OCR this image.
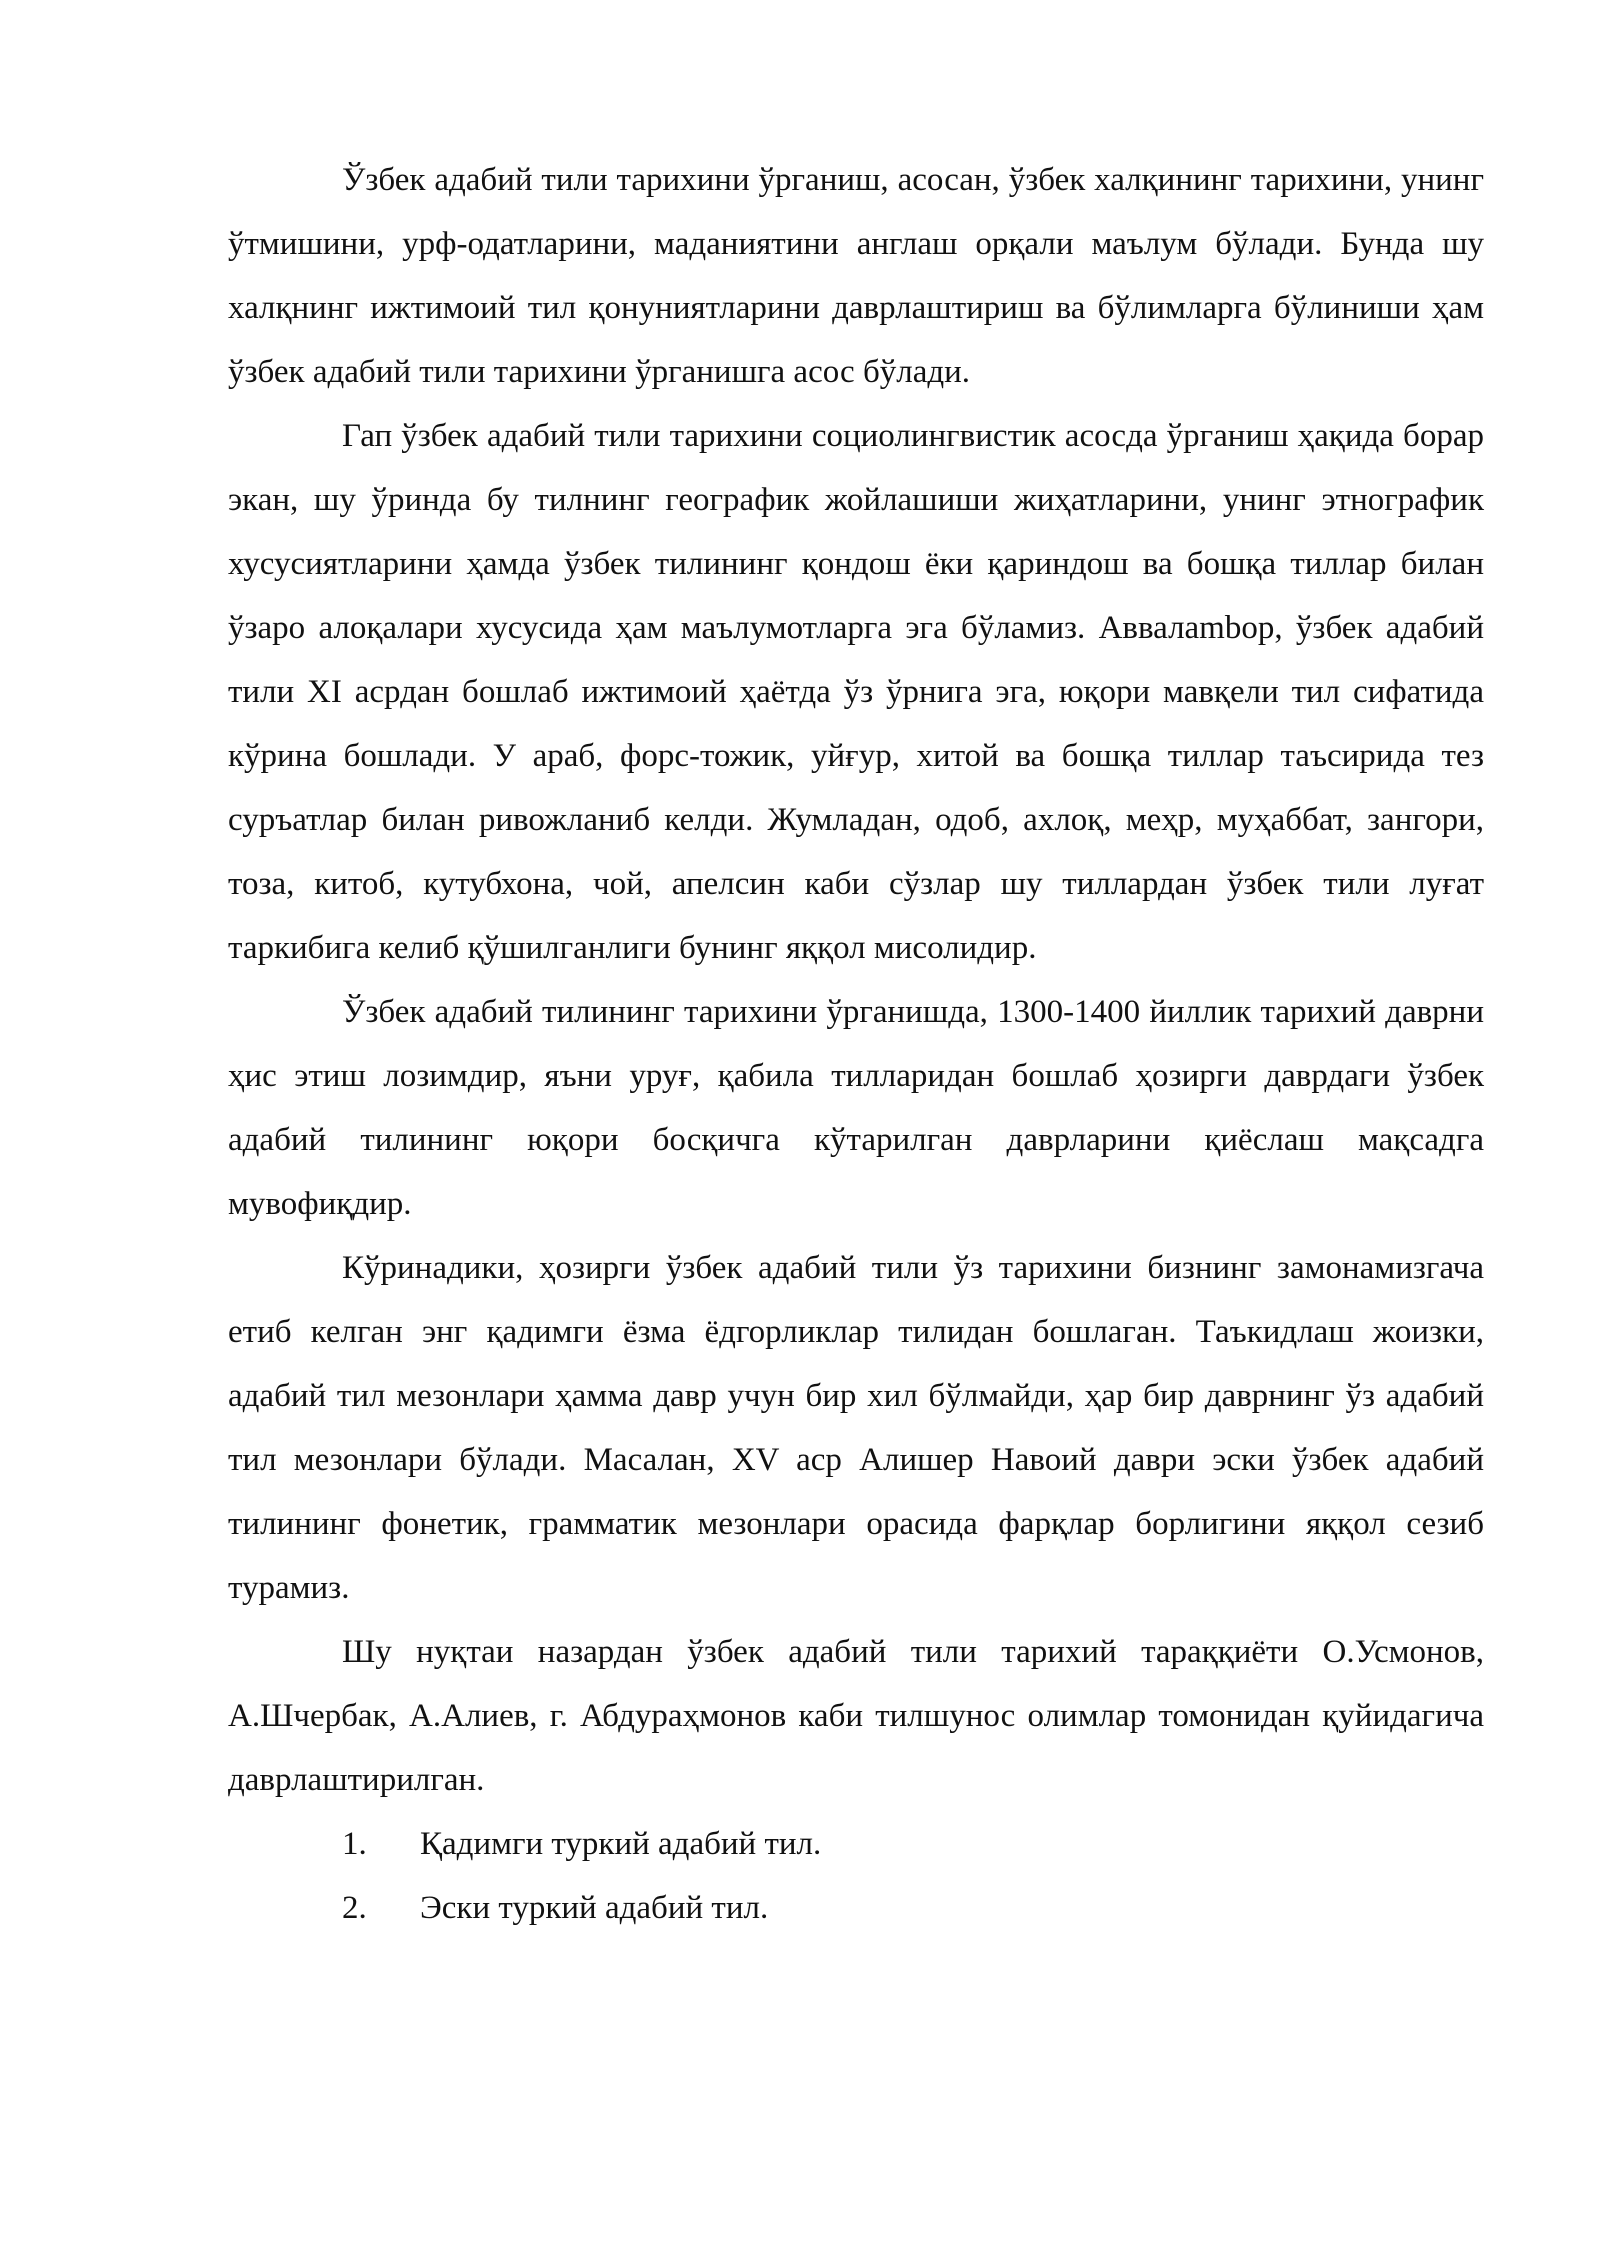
Ўзбек адабий тили тарихини ўрганиш, асосан, ўзбек халқининг тарихини, унинг ўтмишини, урф-одатларини, маданиятини англаш орқали маълум бўлади. Бунда шу халқнинг ижтимоий тил қонуниятларини даврлаштириш ва бўлимларга бўлиниши ҳам ўзбек адабий тили тарихини ўрганишга асос бўлади.

Гап ўзбек адабий тили тарихини социолингвистик асосда ўрганиш ҳақида борар экан, шу ўринда бу тилнинг географик жойлашиши жиҳатларини, унинг этнографик хусусиятларини ҳамда ўзбек тилининг қондош ёки қариндош ва бошқа тиллар билан ўзаро алоқалари хусусида ҳам маълумотларга эга бўламиз. Аввалambор, ўзбек адабий тили XI асрдан бошлаб ижтимоий ҳаётда ўз ўрнига эга, юқори мавқели тил сифатида кўрина бошлади. У араб, форс-тожик, уйғур, хитой ва бошқа тиллар таъсирида тез суръатлар билан ривожланиб келди. Жумладан, одоб, ахлоқ, меҳр, муҳаббат, зангори, тоза, китоб, кутубхона, чой, апелсин каби сўзлар шу тиллардан ўзбек тили луғат таркибига келиб қўшилганлиги бунинг яққол мисолидир.

Ўзбек адабий тилининг тарихини ўрганишда, 1300-1400 йиллик тарихий даврни ҳис этиш лозимдир, яъни уруғ, қабила тилларидан бошлаб ҳозирги даврдаги ўзбек адабий тилининг юқори босқичга кўтарилган даврларини қиёслаш мақсадга мувофиқдир.

Кўринадики, ҳозирги ўзбек адабий тили ўз тарихини бизнинг замонамизгача етиб келган энг қадимги ёзма ёдгорликлар тилидан бошлаган. Таъкидлаш жоизки, адабий тил мезонлари ҳамма давр учун бир хил бўлмайди, ҳар бир даврнинг ўз адабий тил мезонлари бўлади. Масалан, XV аср Алишер Навоий даври эски ўзбек адабий тилининг фонетик, грамматик мезонлари орасида фарқлар борлигини яққол сезиб турамиз.

Шу нуқтаи назардан ўзбек адабий тили тарихий тараққиёти О.Усмонов, А.Шчербак, А.Алиев, г. Абдураҳмонов каби тилшунос олимлар томонидан қуйидагича даврлаштирилган.

1.	Қадимги туркий адабий тил.
2.	Эски туркий адабий тил.
